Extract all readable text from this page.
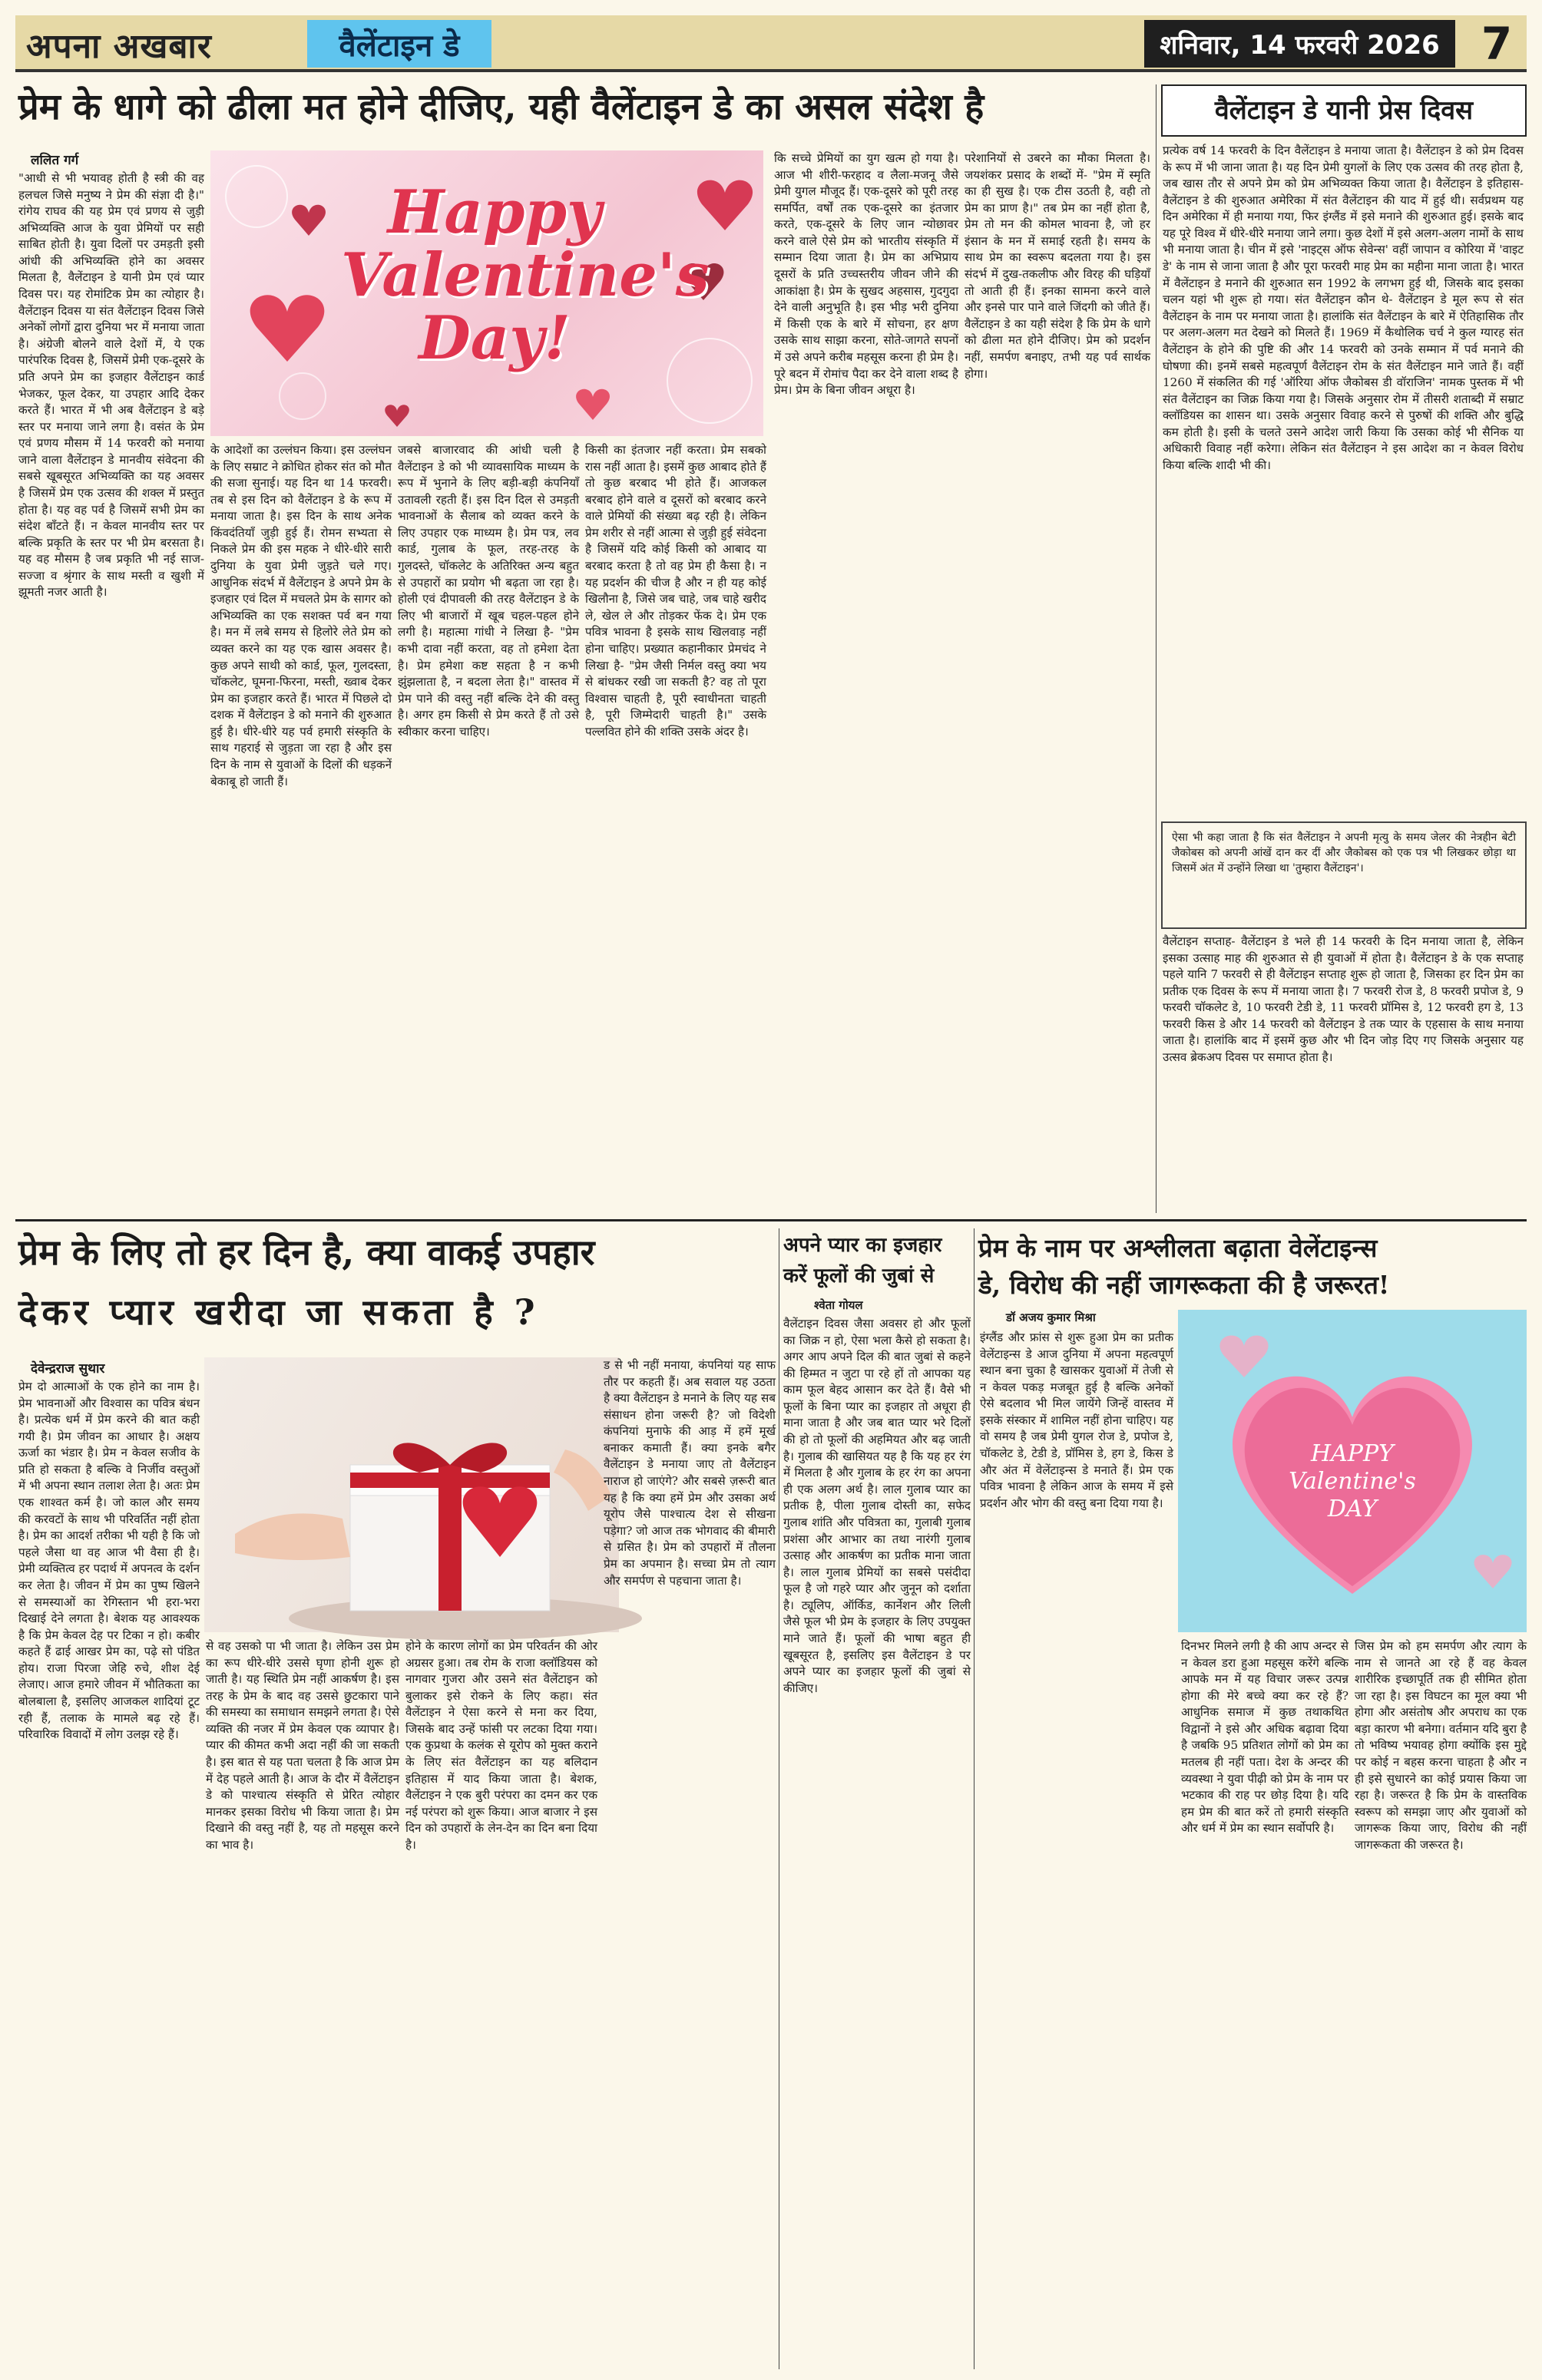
अपना अखबार	वैलेंटाइन डे	शनिवार, 14 फरवरी 2026 7
प्रेम के धागे को ढीला मत होने दीजिए, यही वैलेंटाइन डे का असल संदेश है	वैलेंटाइन डे यानी प्रेस दिवस
प्रत्येक वर्ष 14 फरवरी के दिन वैलेंटाइन डे मनाया जाता है। वैलेंटाइन डे को प्रेम दिवस के रूप में भी जाना जाता है। यह दिन प्रेमी युगलों के लिए एक उत्सव की तरह होता है, जब खास तौर से अपने प्रेम को प्रेम अभिव्यक्त किया जाता है। वैलेंटाइन डे इतिहास- वैलेंटाइन डे की शुरुआत अमेरिका में संत वैलेंटाइन की याद में हुई थी। सर्वप्रथम यह दिन अमेरिका में ही मनाया गया, फिर इंग्लैंड में इसे मनाने की शुरुआत हुई। इसके बाद यह पूरे विश्व में धीरे-धीरे मनाया जाने लगा। कुछ देशों में इसे अलग-अलग नामों के साथ भी मनाया जाता है। चीन में इसे 'नाइट्स ऑफ सेवेन्स' वहीं जापान व कोरिया में 'वाइट डे' के नाम से जाना जाता है और पूरा फरवरी माह प्रेम का महीना माना जाता है। भारत में वैलेंटाइन डे मनाने की शुरुआत सन 1992 के लगभग हुई थी, जिसके बाद इसका चलन यहां भी शुरू हो गया। संत वैलेंटाइन कौन थे- वैलेंटाइन डे मूल रूप से संत वैलेंटाइन के नाम पर मनाया जाता है। हालांकि संत वैलेंटाइन के बारे में ऐतिहासिक तौर पर अलग-अलग मत देखने को मिलते हैं। 1969 में कैथोलिक चर्च ने कुल ग्यारह संत वैलेंटाइन के होने की पुष्टि की और 14 फरवरी को उनके सम्मान में पर्व मनाने की घोषणा की। इनमें सबसे महत्वपूर्ण वैलेंटाइन रोम के संत वैलेंटाइन माने जाते हैं। वहीं 1260 में संकलित की गई 'ऑरिया ऑफ जैकोबस डी वॉराजिन' नामक पुस्तक में भी संत वैलेंटाइन का जिक्र किया गया है। जिसके अनुसार रोम में तीसरी शताब्दी में सम्राट क्लॉडियस का शासन था। उसके अनुसार विवाह करने से पुरुषों की शक्ति और बुद्धि कम होती है। इसी के चलते उसने आदेश जारी किया कि उसका कोई भी सैनिक या अधिकारी विवाह नहीं करेगा। लेकिन संत वैलेंटाइन ने इस आदेश का न केवल विरोध किया बल्कि शादी भी की।
ऐसा भी कहा जाता है कि संत वैलेंटाइन ने अपनी मृत्यु के समय जेलर की नेत्रहीन बेटी जैकोबस को अपनी आंखें दान कर दीं और जैकोबस को एक पत्र भी लिखकर छोड़ा था जिसमें अंत में उन्होंने लिखा था 'तुम्हारा वैलेंटाइन'।
वैलेंटाइन सप्ताह- वैलेंटाइन डे भले ही 14 फरवरी के दिन मनाया जाता है, लेकिन इसका उत्साह माह की शुरुआत से ही युवाओं में होता है। वैलेंटाइन डे के एक सप्ताह पहले यानि 7 फरवरी से ही वैलेंटाइन सप्ताह शुरू हो जाता है, जिसका हर दिन प्रेम का प्रतीक एक दिवस के रूप में मनाया जाता है। 7 फरवरी रोज डे, 8 फरवरी प्रपोज डे, 9 फरवरी चॉकलेट डे, 10 फरवरी टेडी डे, 11 फरवरी प्रॉमिस डे, 12 फरवरी हग डे, 13 फरवरी किस डे और 14 फरवरी को वैलेंटाइन डे तक प्यार के एहसास के साथ मनाया जाता है। हालांकि बाद में इसमें कुछ और भी दिन जोड़ दिए गए जिसके अनुसार यह उत्सव ब्रेकअप दिवस पर समाप्त होता है।
Happy Valentine's Day!
ललित गर्ग
"आधी से भी भयावह होती है स्त्री की वह हलचल जिसे मनुष्य ने प्रेम की संज्ञा दी है।" रांगेय राघव की यह प्रेम एवं प्रणय से जुड़ी अभिव्यक्ति आज के युवा प्रेमियों पर सही साबित होती है। युवा दिलों पर उमड़ती इसी आंधी की अभिव्यक्ति होने का अवसर मिलता है, वैलेंटाइन डे यानी प्रेम एवं प्यार दिवस पर। यह रोमांटिक प्रेम का त्योहार है। वैलेंटाइन दिवस या संत वैलेंटाइन दिवस जिसे अनेकों लोगों द्वारा दुनिया भर में मनाया जाता है। अंग्रेजी बोलने वाले देशों में, ये एक पारंपरिक दिवस है, जिसमें प्रेमी एक-दूसरे के प्रति अपने प्रेम का इजहार वैलेंटाइन कार्ड भेजकर, फूल देकर, या उपहार आदि देकर करते हैं। भारत में भी अब वैलेंटाइन डे बड़े स्तर पर मनाया जाने लगा है। वसंत के प्रेम एवं प्रणय मौसम में 14 फरवरी को मनाया जाने वाला वैलेंटाइन डे मानवीय संवेदना की सबसे खूबसूरत अभिव्यक्ति का यह अवसर है जिसमें प्रेम एक उत्सव की शक्ल में प्रस्तुत होता है। यह वह पर्व है जिसमें सभी प्रेम का संदेश बाँटते हैं। न केवल मानवीय स्तर पर बल्कि प्रकृति के स्तर पर भी प्रेम बरसता है। यह वह मौसम है जब प्रकृति भी नई साज-सज्जा व श्रृंगार के साथ मस्ती व खुशी में झूमती नजर आती है।
के आदेशों का उल्लंघन किया। इस उल्लंघन के लिए सम्राट ने क्रोधित होकर संत को मौत की सजा सुनाई। यह दिन था 14 फरवरी। तब से इस दिन को वैलेंटाइन डे के रूप में मनाया जाता है। इस दिन के साथ अनेक किंवदंतियाँ जुड़ी हुई हैं। रोमन सभ्यता से निकले प्रेम की इस महक ने धीरे-धीरे सारी दुनिया के युवा प्रेमी जुड़ते चले गए। आधुनिक संदर्भ में वैलेंटाइन डे अपने प्रेम के इजहार एवं दिल में मचलते प्रेम के सागर को अभिव्यक्ति का एक सशक्त पर्व बन गया है। मन में लबे समय से हिलोरे लेते प्रेम को व्यक्त करने का यह एक खास अवसर है। कुछ अपने साथी को कार्ड, फूल, गुलदस्ता, चॉकलेट, घूमना-फिरना, मस्ती, ख्वाब देकर प्रेम का इजहार करते हैं। भारत में पिछले दो दशक में वैलेंटाइन डे को मनाने की शुरुआत हुई है। धीरे-धीरे यह पर्व हमारी संस्कृति के साथ गहराई से जुड़ता जा रहा है और इस दिन के नाम से युवाओं के दिलों की धड़कनें बेकाबू हो जाती हैं।
जबसे बाजारवाद की आंधी चली है वैलेंटाइन डे को भी व्यावसायिक माध्यम के रूप में भुनाने के लिए बड़ी-बड़ी कंपनियाँ उतावली रहती हैं। इस दिन दिल से उमड़ती भावनाओं के सैलाब को व्यक्त करने के लिए उपहार एक माध्यम है। प्रेम पत्र, लव कार्ड, गुलाब के फूल, तरह-तरह के गुलदस्ते, चॉकलेट के अतिरिक्त अन्य बहुत से उपहारों का प्रयोग भी बढ़ता जा रहा है। होली एवं दीपावली की तरह वैलेंटाइन डे के लिए भी बाजारों में खूब चहल-पहल होने लगी है। महात्मा गांधी ने लिखा है- "प्रेम कभी दावा नहीं करता, वह तो हमेशा देता है। प्रेम हमेशा कष्ट सहता है न कभी झुंझलाता है, न बदला लेता है।" वास्तव में प्रेम पाने की वस्तु नहीं बल्कि देने की वस्तु है। अगर हम किसी से प्रेम करते हैं तो उसे स्वीकार करना चाहिए।
किसी का इंतजार नहीं करता। प्रेम सबको रास नहीं आता है। इसमें कुछ आबाद होते हैं तो कुछ बरबाद भी होते हैं। आजकल बरबाद होने वाले व दूसरों को बरबाद करने वाले प्रेमियों की संख्या बढ़ रही है। लेकिन प्रेम शरीर से नहीं आत्मा से जुड़ी हुई संवेदना है जिसमें यदि कोई किसी को आबाद या बरबाद करता है तो वह प्रेम ही कैसा है। न यह प्रदर्शन की चीज है और न ही यह कोई खिलौना है, जिसे जब चाहे, जब चाहे खरीद ले, खेल ले और तोड़कर फेंक दे। प्रेम एक पवित्र भावना है इसके साथ खिलवाड़ नहीं होना चाहिए। प्रख्यात कहानीकार प्रेमचंद ने लिखा है- "प्रेम जैसी निर्मल वस्तु क्या भय से बांधकर रखी जा सकती है? वह तो पूरा विश्वास चाहती है, पूरी स्वाधीनता चाहती है, पूरी जिम्मेदारी चाहती है।" उसके पल्लवित होने की शक्ति उसके अंदर है।
कि सच्चे प्रेमियों का युग खत्म हो गया है। आज भी शीरी-फरहाद व लैला-मजनू जैसे प्रेमी युगल मौजूद हैं। एक-दूसरे को पूरी तरह समर्पित, वर्षों तक एक-दूसरे का इंतजार करते, एक-दूसरे के लिए जान न्योछावर करने वाले ऐसे प्रेम को भारतीय संस्कृति में सम्मान दिया जाता है। प्रेम का अभिप्राय दूसरों के प्रति उच्चस्तरीय जीवन जीने की आकांक्षा है। प्रेम के सुखद अहसास, गुदगुदा देने वाली अनुभूति है। इस भीड़ भरी दुनिया में किसी एक के बारे में सोचना, हर क्षण उसके साथ साझा करना, सोते-जागते सपनों में उसे अपने करीब महसूस करना ही प्रेम है। पूरे बदन में रोमांच पैदा कर देने वाला शब्द है प्रेम। प्रेम के बिना जीवन अधूरा है।
परेशानियों से उबरने का मौका मिलता है। जयशंकर प्रसाद के शब्दों में- "प्रेम में स्मृति का ही सुख है। एक टीस उठती है, वही तो प्रेम का प्राण है।" तब प्रेम का नहीं होता है, प्रेम तो मन की कोमल भावना है, जो हर इंसान के मन में समाई रहती है। समय के साथ प्रेम का स्वरूप बदलता गया है। इस संदर्भ में दुख-तकलीफ और विरह की घड़ियाँ तो आती ही हैं। इनका सामना करने वाले और इनसे पार पाने वाले जिंदगी को जीते हैं। वैलेंटाइन डे का यही संदेश है कि प्रेम के धागे को ढीला मत होने दीजिए। प्रेम को प्रदर्शन नहीं, समर्पण बनाइए, तभी यह पर्व सार्थक होगा।
प्रेम के लिए तो हर दिन है, क्या वाकई उपहार
देकर प्यार खरीदा जा सकता है ?
देवेन्द्रराज सुथार
प्रेम दो आत्माओं के एक होने का नाम है। प्रेम भावनाओं और विश्वास का पवित्र बंधन है। प्रत्येक धर्म में प्रेम करने की बात कही गयी है। प्रेम जीवन का आधार है। अक्षय ऊर्जा का भंडार है। प्रेम न केवल सजीव के प्रति हो सकता है बल्कि वे निर्जीव वस्तुओं में भी अपना स्थान तलाश लेता है। अतः प्रेम एक शाश्वत कर्म है। जो काल और समय की करवटों के साथ भी परिवर्तित नहीं होता है। प्रेम का आदर्श तरीका भी यही है कि जो पहले जैसा था वह आज भी वैसा ही है। प्रेमी व्यक्तित्व हर पदार्थ में अपनत्व के दर्शन कर लेता है। जीवन में प्रेम का पुष्प खिलने से समस्याओं का रेगिस्तान भी हरा-भरा दिखाई देने लगता है। बेशक यह आवश्यक है कि प्रेम केवल देह पर टिका न हो। कबीर कहते हैं ढाई आखर प्रेम का, पढ़े सो पंडित होय। राजा पिरजा जेहि रुचे, शीश देई लेजाए। आज हमारे जीवन में भौतिकता का बोलबाला है, इसलिए आजकल शादियां टूट रही हैं, तलाक के मामले बढ़ रहे हैं। परिवारिक विवादों में लोग उलझ रहे हैं।
से वह उसको पा भी जाता है। लेकिन उस प्रेम का रूप धीरे-धीरे उससे घृणा होनी शुरू हो जाती है। यह स्थिति प्रेम नहीं आकर्षण है। इस तरह के प्रेम के बाद वह उससे छुटकारा पाने की समस्या का समाधान समझने लगता है। ऐसे व्यक्ति की नजर में प्रेम केवल एक व्यापार है। प्यार की कीमत कभी अदा नहीं की जा सकती है। इस बात से यह पता चलता है कि आज प्रेम में देह पहले आती है। आज के दौर में वैलेंटाइन डे को पाश्चात्य संस्कृति से प्रेरित त्योहार मानकर इसका विरोध भी किया जाता है। प्रेम दिखाने की वस्तु नहीं है, यह तो महसूस करने का भाव है।
होने के कारण लोगों का प्रेम परिवर्तन की ओर अग्रसर हुआ। तब रोम के राजा क्लॉडियस को नागवार गुजरा और उसने संत वैलेंटाइन को बुलाकर इसे रोकने के लिए कहा। संत वैलेंटाइन ने ऐसा करने से मना कर दिया, जिसके बाद उन्हें फांसी पर लटका दिया गया। एक कुप्रथा के कलंक से यूरोप को मुक्त कराने के लिए संत वैलेंटाइन का यह बलिदान इतिहास में याद किया जाता है। बेशक, वैलेंटाइन ने एक बुरी परंपरा का दमन कर एक नई परंपरा को शुरू किया। आज बाजार ने इस दिन को उपहारों के लेन-देन का दिन बना दिया है।
ड से भी नहीं मनाया, कंपनियां यह साफ तौर पर कहती हैं। अब सवाल यह उठता है क्या वैलेंटाइन डे मनाने के लिए यह सब संसाधन होना जरूरी है? जो विदेशी कंपनियां मुनाफे की आड़ में हमें मूर्ख बनाकर कमाती हैं। क्या इनके बगैर वैलेंटाइन डे मनाया जाए तो वैलेंटाइन नाराज हो जाएंगे? और सबसे ज़रूरी बात यह है कि क्या हमें प्रेम और उसका अर्थ यूरोप जैसे पाश्चात्य देश से सीखना पड़ेगा? जो आज तक भोगवाद की बीमारी से ग्रसित है। प्रेम को उपहारों में तौलना प्रेम का अपमान है। सच्चा प्रेम तो त्याग और समर्पण से पहचाना जाता है।
अपने प्यार का इजहार
करें फूलों की जुबां से
श्वेता गोयल
वैलेंटाइन दिवस जैसा अवसर हो और फूलों का जिक्र न हो, ऐसा भला कैसे हो सकता है। अगर आप अपने दिल की बात जुबां से कहने की हिम्मत न जुटा पा रहे हों तो आपका यह काम फूल बेहद आसान कर देते हैं। वैसे भी फूलों के बिना प्यार का इजहार तो अधूरा ही माना जाता है और जब बात प्यार भरे दिलों की हो तो फूलों की अहमियत और बढ़ जाती है। गुलाब की खासियत यह है कि यह हर रंग में मिलता है और गुलाब के हर रंग का अपना ही एक अलग अर्थ है। लाल गुलाब प्यार का प्रतीक है, पीला गुलाब दोस्ती का, सफेद गुलाब शांति और पवित्रता का, गुलाबी गुलाब प्रशंसा और आभार का तथा नारंगी गुलाब उत्साह और आकर्षण का प्रतीक माना जाता है। लाल गुलाब प्रेमियों का सबसे पसंदीदा फूल है जो गहरे प्यार और जुनून को दर्शाता है। ट्यूलिप, ऑर्किड, कार्नेशन और लिली जैसे फूल भी प्रेम के इजहार के लिए उपयुक्त माने जाते हैं। फूलों की भाषा बहुत ही खूबसूरत है, इसलिए इस वैलेंटाइन डे पर अपने प्यार का इजहार फूलों की जुबां से कीजिए।
प्रेम के नाम पर अश्लीलता बढ़ाता वेलेंटाइन्स
डे, विरोध की नहीं जागरूकता की है जरूरत!
डॉ अजय कुमार मिश्रा
HAPPY Valentine's DAY
इंग्लैंड और फ्रांस से शुरू हुआ प्रेम का प्रतीक वेलेंटाइन्स डे आज दुनिया में अपना महत्वपूर्ण स्थान बना चुका है खासकर युवाओं में तेजी से न केवल पकड़ मजबूत हुई है बल्कि अनेकों ऐसे बदलाव भी मिल जायेंगे जिन्हें वास्तव में इसके संस्कार में शामिल नहीं होना चाहिए। यह वो समय है जब प्रेमी युगल रोज डे, प्रपोज डे, चॉकलेट डे, टेडी डे, प्रॉमिस डे, हग डे, किस डे और अंत में वेलेंटाइन्स डे मनाते हैं। प्रेम एक पवित्र भावना है लेकिन आज के समय में इसे प्रदर्शन और भोग की वस्तु बना दिया गया है।
दिनभर मिलने लगी है की आप अन्दर से न केवल डरा हुआ महसूस करेंगे बल्कि आपके मन में यह विचार जरूर उत्पन्न होगा की मेरे बच्चे क्या कर रहे हैं? आधुनिक समाज में कुछ तथाकथित विद्वानों ने इसे और अधिक बढ़ावा दिया है जबकि 95 प्रतिशत लोगों को प्रेम का मतलब ही नहीं पता। देश के अन्दर की व्यवस्था ने युवा पीढ़ी को प्रेम के नाम पर भटकाव की राह पर छोड़ दिया है। यदि हम प्रेम की बात करें तो हमारी संस्कृति और धर्म में प्रेम का स्थान सर्वोपरि है।
जिस प्रेम को हम समर्पण और त्याग के नाम से जानते आ रहे हैं वह केवल शारीरिक इच्छापूर्ति तक ही सीमित होता जा रहा है। इस विघटन का मूल क्या भी होगा और असंतोष और अपराध का एक बड़ा कारण भी बनेगा। वर्तमान यदि बुरा है तो भविष्य भयावह होगा क्योंकि इस मुद्दे पर कोई न बहस करना चाहता है और न ही इसे सुधारने का कोई प्रयास किया जा रहा है। जरूरत है कि प्रेम के वास्तविक स्वरूप को समझा जाए और युवाओं को जागरूक किया जाए, विरोध की नहीं जागरूकता की जरूरत है।
